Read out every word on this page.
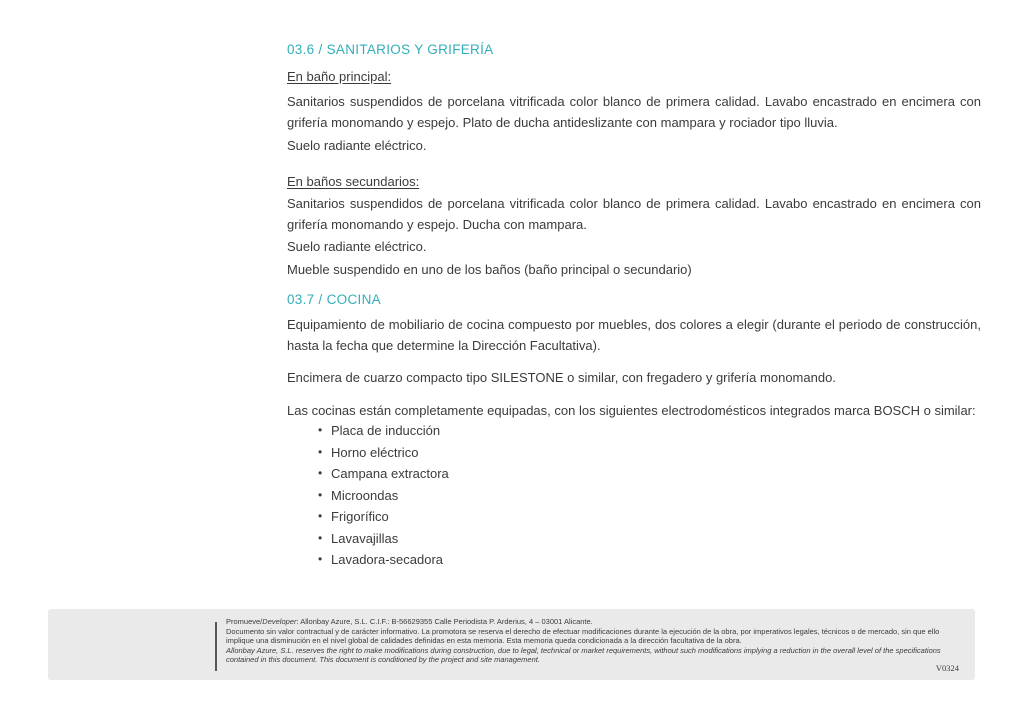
03.6 / SANITARIOS Y GRIFERÍA

En baño principal:

Sanitarios suspendidos de porcelana vitrificada color blanco de primera calidad. Lavabo encastrado en encimera con grifería monomando y espejo. Plato de ducha antideslizante con mampara y rociador tipo lluvia.

Suelo radiante eléctrico.

En baños secundarios:

Sanitarios suspendidos de porcelana vitrificada color blanco de primera calidad. Lavabo encastrado en encimera con grifería monomando y espejo. Ducha con mampara.

Suelo radiante eléctrico.

Mueble suspendido en uno de los baños (baño principal o secundario)

03.7 / COCINA

Equipamiento de mobiliario de cocina compuesto por muebles, dos colores a elegir (durante el periodo de construcción, hasta la fecha que determine la Dirección Facultativa).

Encimera de cuarzo compacto tipo SILESTONE o similar, con fregadero y grifería monomando.

Las cocinas están completamente equipadas, con los siguientes electrodomésticos integrados marca BOSCH o similar:

• Placa de inducción
• Horno eléctrico
• Campana extractora
• Microondas
• Frigorífico
• Lavavajillas
• Lavadora-secadora
Promueve/Developer: Allonbay Azure, S.L. C.I.F.: B-56629355 Calle Periodista P. Arderius, 4 – 03001 Alicante.
Documento sin valor contractual y de carácter informativo. La promotora se reserva el derecho de efectuar modificaciones durante la ejecución de la obra, por imperativos legales, técnicos o de mercado, sin que ello implique una disminución en el nivel global de calidades definidas en esta memoria. Esta memoria queda condicionada a la dirección facultativa de la obra.
Allonbay Azure, S.L. reserves the right to make modifications during construction, due to legal, technical or market requirements, without such modifications implying a reduction in the overall level of the specifications contained in this document. This document is conditioned by the project and site management.
V0324
